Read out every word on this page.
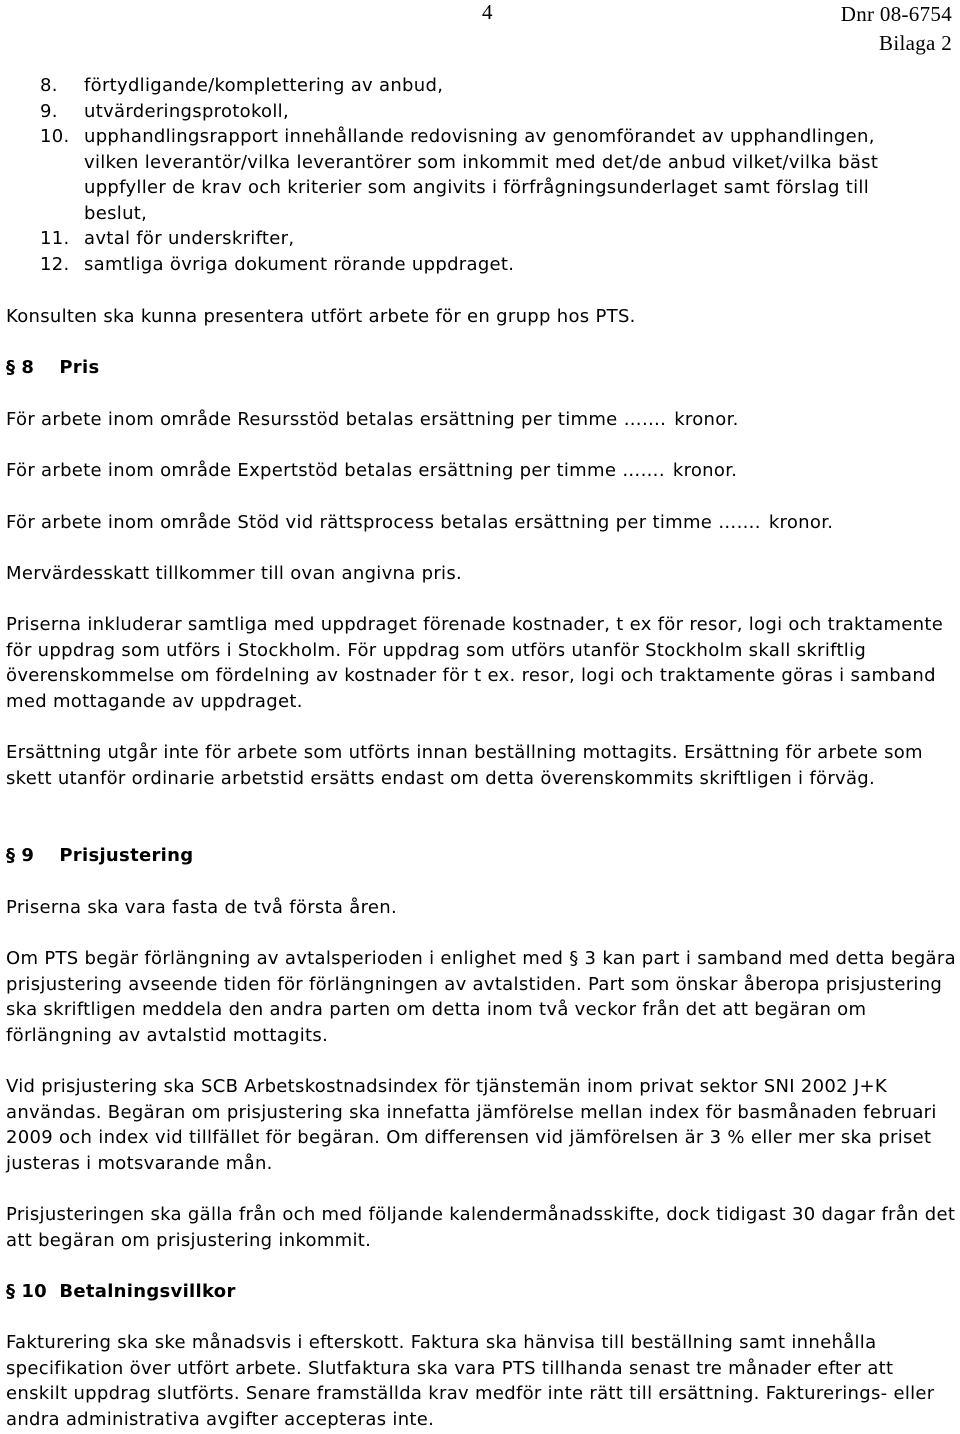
4	Dnr 08-6754
Bilaga 2
8.	förtydligande/komplettering av anbud,
9.	utvärderingsprotokoll,
10. upphandlingsrapport innehållande redovisning av genomförandet av upphandlingen, vilken leverantör/vilka leverantörer som inkommit med det/de anbud vilket/vilka bäst uppfyller de krav och kriterier som angivits i förfrågningsunderlaget samt förslag till beslut,
11. avtal för underskrifter,
12. samtliga övriga dokument rörande uppdraget.

Konsulten ska kunna presentera utfört arbete för en grupp hos PTS.

§ 8	Pris

För arbete inom område Resursstöd betalas ersättning per timme ……. kronor.

För arbete inom område Expertstöd betalas ersättning per timme ……. kronor.

För arbete inom område Stöd vid rättsprocess betalas ersättning per timme ……. kronor.

Mervärdesskatt tillkommer till ovan angivna pris.

Priserna inkluderar samtliga med uppdraget förenade kostnader, t ex för resor, logi och traktamente för uppdrag som utförs i Stockholm. För uppdrag som utförs utanför Stockholm skall skriftlig överenskommelse om fördelning av kostnader för t ex. resor, logi och traktamente göras i samband med mottagande av uppdraget.

Ersättning utgår inte för arbete som utförts innan beställning mottagits. Ersättning för arbete som skett utanför ordinarie arbetstid ersätts endast om detta överenskommits skriftligen i förväg.

§ 9	Prisjustering

Priserna ska vara fasta de två första åren.

Om PTS begär förlängning av avtalsperioden i enlighet med § 3 kan part i samband med detta begära prisjustering avseende tiden för förlängningen av avtalstiden. Part som önskar åberopa prisjustering ska skriftligen meddela den andra parten om detta inom två veckor från det att begäran om förlängning av avtalstid mottagits.

Vid prisjustering ska SCB Arbetskostnadsindex för tjänstemän inom privat sektor SNI 2002 J+K användas. Begäran om prisjustering ska innefatta jämförelse mellan index för basmånaden februari 2009 och index vid tillfället för begäran. Om differensen vid jämförelsen är 3 % eller mer ska priset justeras i motsvarande mån.

Prisjusteringen ska gälla från och med följande kalendermånadsskifte, dock tidigast 30 dagar från det att begäran om prisjustering inkommit.

§ 10 Betalningsvillkor

Fakturering ska ske månadsvis i efterskott. Faktura ska hänvisa till beställning samt innehålla specifikation över utfört arbete. Slutfaktura ska vara PTS tillhanda senast tre månader efter att enskilt uppdrag slutförts. Senare framställda krav medför inte rätt till ersättning. Fakturerings- eller andra administrativa avgifter accepteras inte.
